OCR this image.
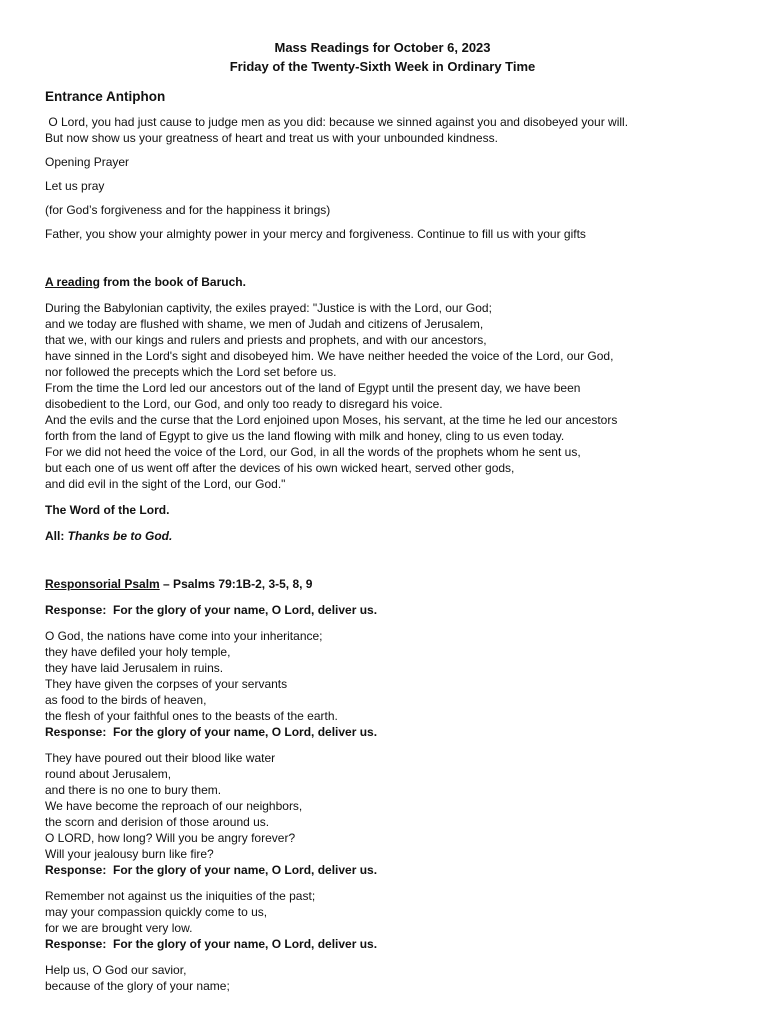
Mass Readings for October 6, 2023
Friday of the Twenty-Sixth Week in Ordinary Time
Entrance Antiphon
O Lord, you had just cause to judge men as you did: because we sinned against you and disobeyed your will.
But now show us your greatness of heart and treat us with your unbounded kindness.
Opening Prayer
Let us pray
(for God’s forgiveness and for the happiness it brings)
Father, you show your almighty power in your mercy and forgiveness. Continue to fill us with your gifts
A reading from the book of Baruch.
During the Babylonian captivity, the exiles prayed: "Justice is with the Lord, our God;
and we today are flushed with shame, we men of Judah and citizens of Jerusalem,
that we, with our kings and rulers and priests and prophets, and with our ancestors,
have sinned in the Lord's sight and disobeyed him. We have neither heeded the voice of the Lord, our God,
nor followed the precepts which the Lord set before us.
From the time the Lord led our ancestors out of the land of Egypt until the present day, we have been
disobedient to the Lord, our God, and only too ready to disregard his voice.
And the evils and the curse that the Lord enjoined upon Moses, his servant, at the time he led our ancestors
forth from the land of Egypt to give us the land flowing with milk and honey, cling to us even today.
For we did not heed the voice of the Lord, our God, in all the words of the prophets whom he sent us,
but each one of us went off after the devices of his own wicked heart, served other gods,
and did evil in the sight of the Lord, our God."
The Word of the Lord.
All: Thanks be to God.
Responsorial Psalm – Psalms 79:1B-2, 3-5, 8, 9
Response:  For the glory of your name, O Lord, deliver us.
O God, the nations have come into your inheritance;
they have defiled your holy temple,
they have laid Jerusalem in ruins.
They have given the corpses of your servants
as food to the birds of heaven,
the flesh of your faithful ones to the beasts of the earth.
Response:  For the glory of your name, O Lord, deliver us.
They have poured out their blood like water
round about Jerusalem,
and there is no one to bury them.
We have become the reproach of our neighbors,
the scorn and derision of those around us.
O LORD, how long? Will you be angry forever?
Will your jealousy burn like fire?
Response:  For the glory of your name, O Lord, deliver us.
Remember not against us the iniquities of the past;
may your compassion quickly come to us,
for we are brought very low.
Response:  For the glory of your name, O Lord, deliver us.
Help us, O God our savior,
because of the glory of your name;
